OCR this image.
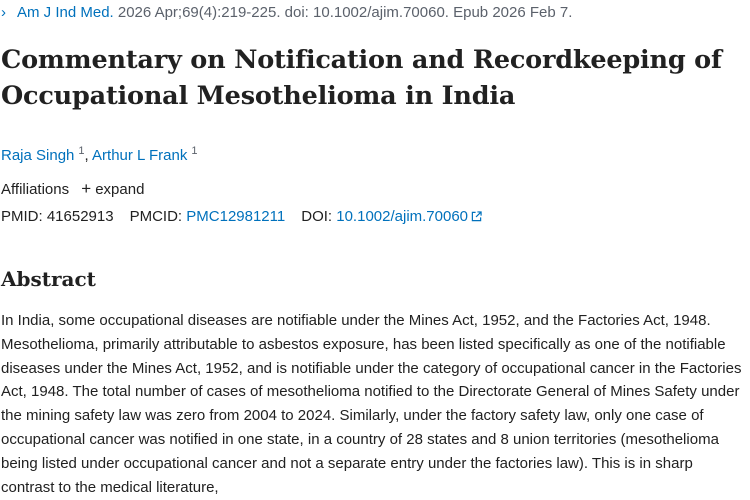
› Am J Ind Med. 2026 Apr;69(4):219-225. doi: 10.1002/ajim.70060. Epub 2026 Feb 7.
Commentary on Notification and Recordkeeping of Occupational Mesothelioma in India
Raja Singh $^1$, Arthur L Frank $^1$
Affiliations + expand
PMID: 41652913 PMCID: PMC12981211 DOI: 10.1002/ajim.70060
Abstract

In India, some occupational diseases are notifiable under the Mines Act, 1952, and the Factories Act, 1948. Mesothelioma, primarily attributable to asbestos exposure, has been listed specifically as one of the notifiable diseases under the Mines Act, 1952, and is notifiable under the category of occupational cancer in the Factories Act, 1948. The total number of cases of mesothelioma notified to the Directorate General of Mines Safety under the mining safety law was zero from 2004 to 2024. Similarly, under the factory safety law, only one case of occupational cancer was notified in one state, in a country of 28 states and 8 union territories (mesothelioma being listed under occupational cancer and not a separate entry under the factories law). This is in sharp contrast to the medical literature,
